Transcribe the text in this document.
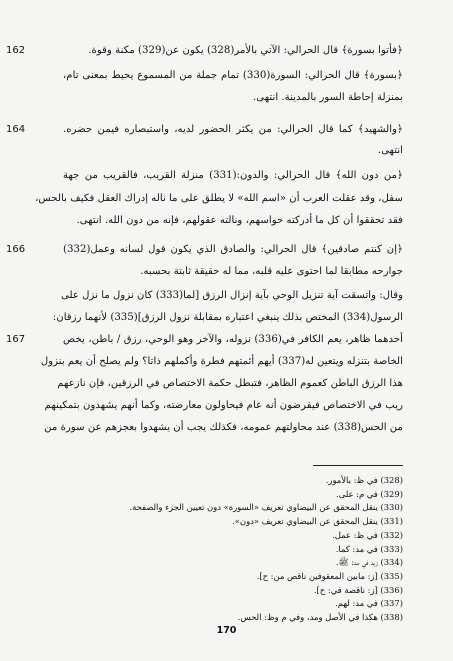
﴿فأتوا بسورة﴾ قال الحرالي: الآتي بالأمر(328) يكون عن(329) مكنة وقوة.
162
﴿بسورة﴾ قال الحرالي: السورة(330) تمام جملة من المسموع يحيط بمعنى تام،
بمنزلة إحاطة السور بالمدينة. انتهى.
﴿والشهيد﴾ كما قال الحرالي: من يكثر الحضور لديه، واستبصاره فيمن حضره.
انتهى.
164
﴿من دون الله﴾ قال الحرالي: والدون:(331) منزلة القريب، فالقريب من جهة
سفل، وقد عقلت العرب أن «اسم الله» لا يطلق على ما ناله إدراك العقل فكيف بالحس،
فقد تحققوا أن كل ما أدركته حواسهم، ونالته عقولهم، فإنه من دون الله. انتهى.
﴿إن كنتم صادقين﴾ قال الحرالي: والصادق الذي يكون قول لسانه وعمل(332)
جوارحه مطابقا لما احتوى عليه قلبه، مما له حقيقة ثابتة بحسبه.
166
وقال: واتسقت آية تنزيل الوحي بآية إنزال الرزق [لما(333) كان نزول ما نزل على
الرسول(334) المختص بذلك ينبغي اعتباره بمقابلة نزول الرزق](335) لأنهما رزقان:
أحدهما ظاهر، يعم الكافر في(336) نزوله، والآخر وهو الوحي، رزق / باطن، يخص
الخاصة بتنزله ويتعين له(337) أيهم أئمتهم فطرة وأكملهم ذاتا؟ ولم يصلح أن يعم بنزول
هذا الرزق الباطن كعموم الظاهر، فتبطل حكمة الاختصاص في الرزقين، فإن نازعهم
ريب في الاختصاص فيفرضون أنه عام فيحاولون معارضته، وكما أنهم يشهدون بتمكينهم
من الحس(338) عند محاولتهم عمومه، فكذلك يجب أن يشهدوا بعجزهم عن سورة من
167
(328) في ظ: بالأمور.
(329) في م: على.
(330) ينقل المحقق عن البيضاوي تعريف «السورة» دون تعيين الجزء والصفحة.
(331) ينقل المحقق عن البيضاوي تعريف «دون».
(332) في ظ: عمل.
(333) في مد: كما.
(334) زيد في مد: ﷺ.
(335) [ز: مابين المعقوفين ناقص من: ح].
(336) [ز: ناقصة في: ح].
(337) في مد: لهم.
(338) هكذا في الأصل ومد، وفي م وظ: الحس.
170
